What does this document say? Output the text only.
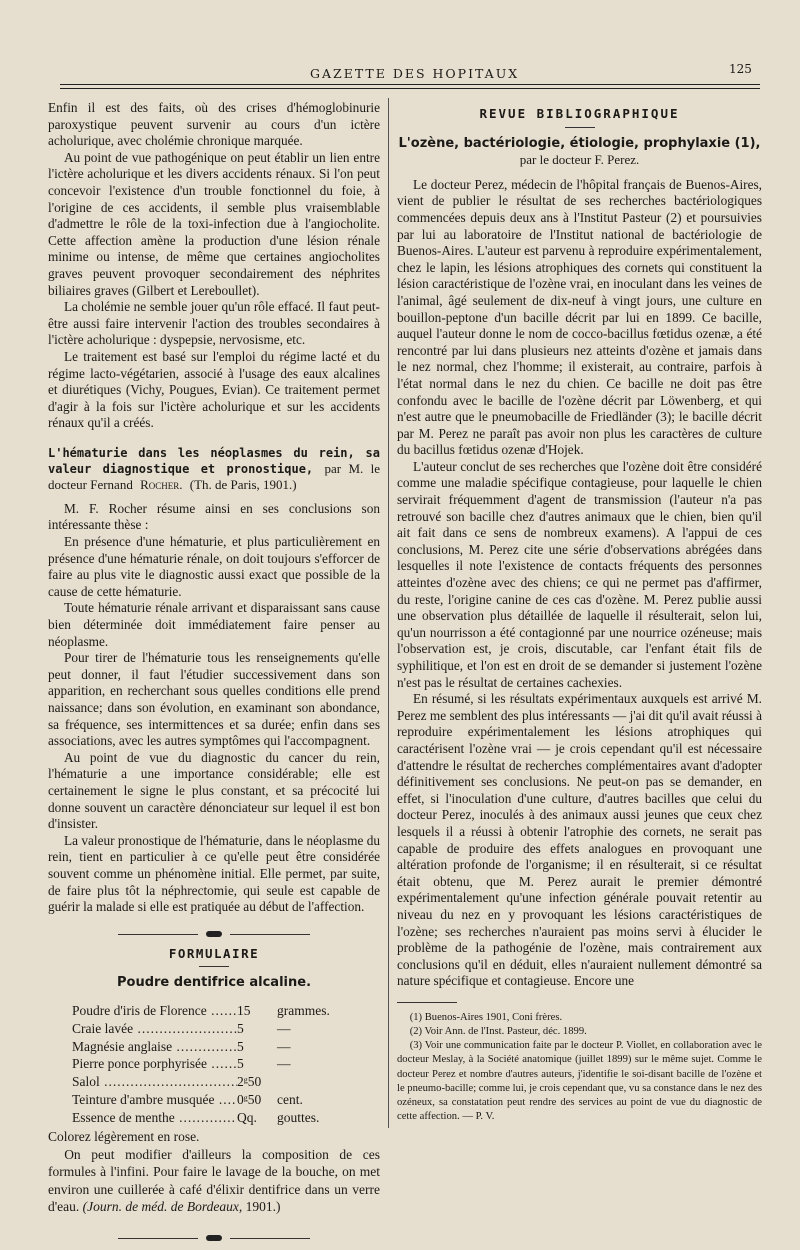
GAZETTE DES HOPITAUX	125

Enfin il est des faits, où des crises d'hémoglobinurie paroxystique peuvent survenir au cours d'un ictère acholurique, avec cholémie chronique marquée.

Au point de vue pathogénique on peut établir un lien entre l'ictère acholurique et les divers accidents rénaux. Si l'on peut concevoir l'existence d'un trouble fonctionnel du foie, à l'origine de ces accidents, il semble plus vraisemblable d'admettre le rôle de la toxi-infection due à l'angiocholite. Cette affection amène la production d'une lésion rénale minime ou intense, de même que certaines angiocholites graves peuvent provoquer secondairement des néphrites biliaires graves (Gilbert et Lereboullet).

La cholémie ne semble jouer qu'un rôle effacé. Il faut peut-être aussi faire intervenir l'action des troubles secondaires à l'ictère acholurique : dyspepsie, nervosisme, etc.

Le traitement est basé sur l'emploi du régime lacté et du régime lacto-végétarien, associé à l'usage des eaux alcalines et diurétiques (Vichy, Pougues, Evian). Ce traitement permet d'agir à la fois sur l'ictère acholurique et sur les accidents rénaux qu'il a créés.

L'hématurie dans les néoplasmes du rein, sa valeur diagnostique et pronostique, par M. le docteur Fernand Rocher. (Th. de Paris, 1901.)

M. F. Rocher résume ainsi en ses conclusions son intéressante thèse :

En présence d'une hématurie, et plus particulièrement en présence d'une hématurie rénale, on doit toujours s'efforcer de faire au plus vite le diagnostic aussi exact que possible de la cause de cette hématurie.

Toute hématurie rénale arrivant et disparaissant sans cause bien déterminée doit immédiatement faire penser au néoplasme.

Pour tirer de l'hématurie tous les renseignements qu'elle peut donner, il faut l'étudier successivement dans son apparition, en recherchant sous quelles conditions elle prend naissance; dans son évolution, en examinant son abondance, sa fréquence, ses intermittences et sa durée; enfin dans ses associations, avec les autres symptômes qui l'accompagnent.

Au point de vue du diagnostic du cancer du rein, l'hématurie a une importance considérable; elle est certainement le signe le plus constant, et sa précocité lui donne souvent un caractère dénonciateur sur lequel il est bon d'insister.

La valeur pronostique de l'hématurie, dans le néoplasme du rein, tient en particulier à ce qu'elle peut être considérée souvent comme un phénomène initial. Elle permet, par suite, de faire plus tôt la néphrectomie, qui seule est capable de guérir la malade si elle est pratiquée au début de l'affection.

FORMULAIRE
Poudre dentifrice alcaline.
Poudre d'iris de Florence .....	15	grammes.
Craie lavée .....	5	—
Magnésie anglaise .....	5	—
Pierre ponce porphyrisée .....	5	—
Salol .....	2ᵍ50
Teinture d'ambre musquée .....	0ᵍ50	cent.
Essence de menthe .....	Qq.	gouttes.

Colorez légèrement en rose.

On peut modifier d'ailleurs la composition de ces formules à l'infini. Pour faire le lavage de la bouche, on met environ une cuillerée à café d'élixir dentifrice dans un verre d'eau. (Journ. de méd. de Bordeaux, 1901.)

REVUE BIBLIOGRAPHIQUE
L'ozène, bactériologie, étiologie, prophylaxie (1),
par le docteur F. Perez.

Le docteur Perez, médecin de l'hôpital français de Buenos-Aires, vient de publier le résultat de ses recherches bactériologiques commencées depuis deux ans à l'Institut Pasteur (2) et poursuivies par lui au laboratoire de l'Institut national de bactériologie de Buenos-Aires. L'auteur est parvenu à reproduire expérimentalement, chez le lapin, les lésions atrophiques des cornets qui constituent la lésion caractéristique de l'ozène vrai, en inoculant dans les veines de l'animal, âgé seulement de dix-neuf à vingt jours, une culture en bouillon-peptone d'un bacille décrit par lui en 1899. Ce bacille, auquel l'auteur donne le nom de cocco-bacillus fœtidus ozenæ, a été rencontré par lui dans plusieurs nez atteints d'ozène et jamais dans le nez normal, chez l'homme; il existerait, au contraire, parfois à l'état normal dans le nez du chien. Ce bacille ne doit pas être confondu avec le bacille de l'ozène décrit par Löwenberg, et qui n'est autre que le pneumobacille de Friedländer (3); le bacille décrit par M. Perez ne paraît pas avoir non plus les caractères de culture du bacillus fœtidus ozenæ d'Hojek.

L'auteur conclut de ses recherches que l'ozène doit être considéré comme une maladie spécifique contagieuse, pour laquelle le chien servirait fréquemment d'agent de transmission (l'auteur n'a pas retrouvé son bacille chez d'autres animaux que le chien, bien qu'il ait fait dans ce sens de nombreux examens). A l'appui de ces conclusions, M. Perez cite une série d'observations abrégées dans lesquelles il note l'existence de contacts fréquents des personnes atteintes d'ozène avec des chiens; ce qui ne permet pas d'affirmer, du reste, l'origine canine de ces cas d'ozène. M. Perez publie aussi une observation plus détaillée de laquelle il résulterait, selon lui, qu'un nourrisson a été contagionné par une nourrice ozéneuse; mais l'observation est, je crois, discutable, car l'enfant était fils de syphilitique, et l'on est en droit de se demander si justement l'ozène n'est pas le résultat de certaines cachexies.

En résumé, si les résultats expérimentaux auxquels est arrivé M. Perez me semblent des plus intéressants — j'ai dit qu'il avait réussi à reproduire expérimentalement les lésions atrophiques qui caractérisent l'ozène vrai — je crois cependant qu'il est nécessaire d'attendre le résultat de recherches complémentaires avant d'adopter définitivement ses conclusions. Ne peut-on pas se demander, en effet, si l'inoculation d'une culture, d'autres bacilles que celui du docteur Perez, inoculés à des animaux aussi jeunes que ceux chez lesquels il a réussi à obtenir l'atrophie des cornets, ne serait pas capable de produire des effets analogues en provoquant une altération profonde de l'organisme; il en résulterait, si ce résultat était obtenu, que M. Perez aurait le premier démontré expérimentalement qu'une infection générale pouvait retentir au niveau du nez en y provoquant les lésions caractéristiques de l'ozène; ses recherches n'auraient pas moins servi à élucider le problème de la pathogénie de l'ozène, mais contrairement aux conclusions qu'il en déduit, elles n'auraient nullement démontré sa nature spécifique et contagieuse. Encore une

(1) Buenos-Aires 1901, Coni frères.

(2) Voir Ann. de l'Inst. Pasteur, déc. 1899.

(3) Voir une communication faite par le docteur P. Viollet, en collaboration avec le docteur Meslay, à la Société anatomique (juillet 1899) sur le même sujet. Comme le docteur Perez et nombre d'autres auteurs, j'identifie le soi-disant bacille de l'ozène et le pneumo-bacille; comme lui, je crois cependant que, vu sa constance dans le nez des ozéneux, sa constatation peut rendre des services au point de vue du diagnostic de cette affection. — P. V.
